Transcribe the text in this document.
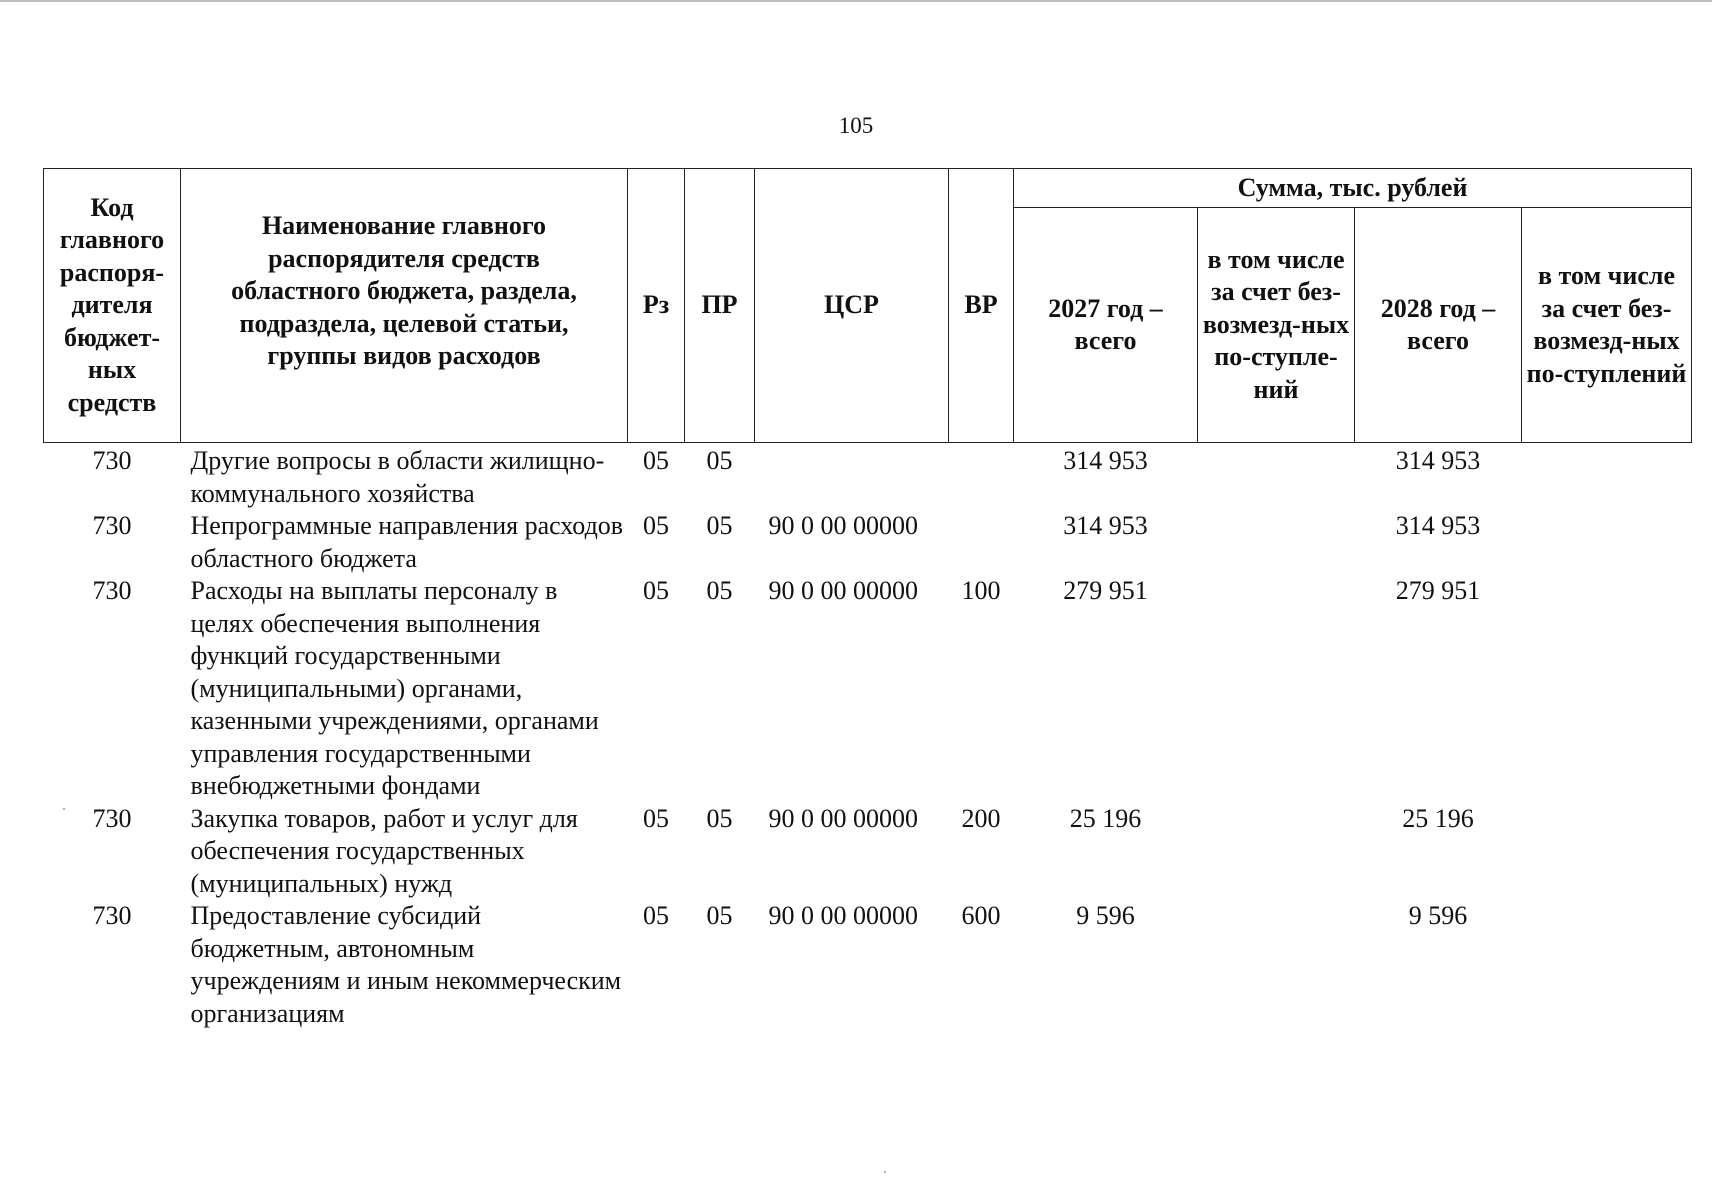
105
Код главного распоря-дителя бюджет-ных средств	Наименование главного распорядителя средств областного бюджета, раздела, подраздела, целевой статьи, группы видов расходов	Рз	ПР	ЦСР	ВР	Сумма, тыс. рублей			
						2027 год – всего	в том числе за счет без-возмезд-ных по-ступле-ний	2028 год – всего	в том числе за счет без-возмезд-ных по-ступлений
730	Другие вопросы в области жилищно-коммунального хозяйства	05	05			314 953		314 953	
730	Непрограммные направления расходов областного бюджета	05	05	90 0 00 00000		314 953		314 953	
730	Расходы на выплаты персоналу в целях обеспечения выполнения функций государственными (муниципальными) органами, казенными учреждениями, органами управления государственными внебюджетными фондами	05	05	90 0 00 00000	100	279 951		279 951	
730	Закупка товаров, работ и услуг для обеспечения государственных (муниципальных) нужд	05	05	90 0 00 00000	200	25 196		25 196	
730	Предоставление субсидий бюджетным, автономным учреждениям и иным некоммерческим организациям	05	05	90 0 00 00000	600	9 596		9 596	
